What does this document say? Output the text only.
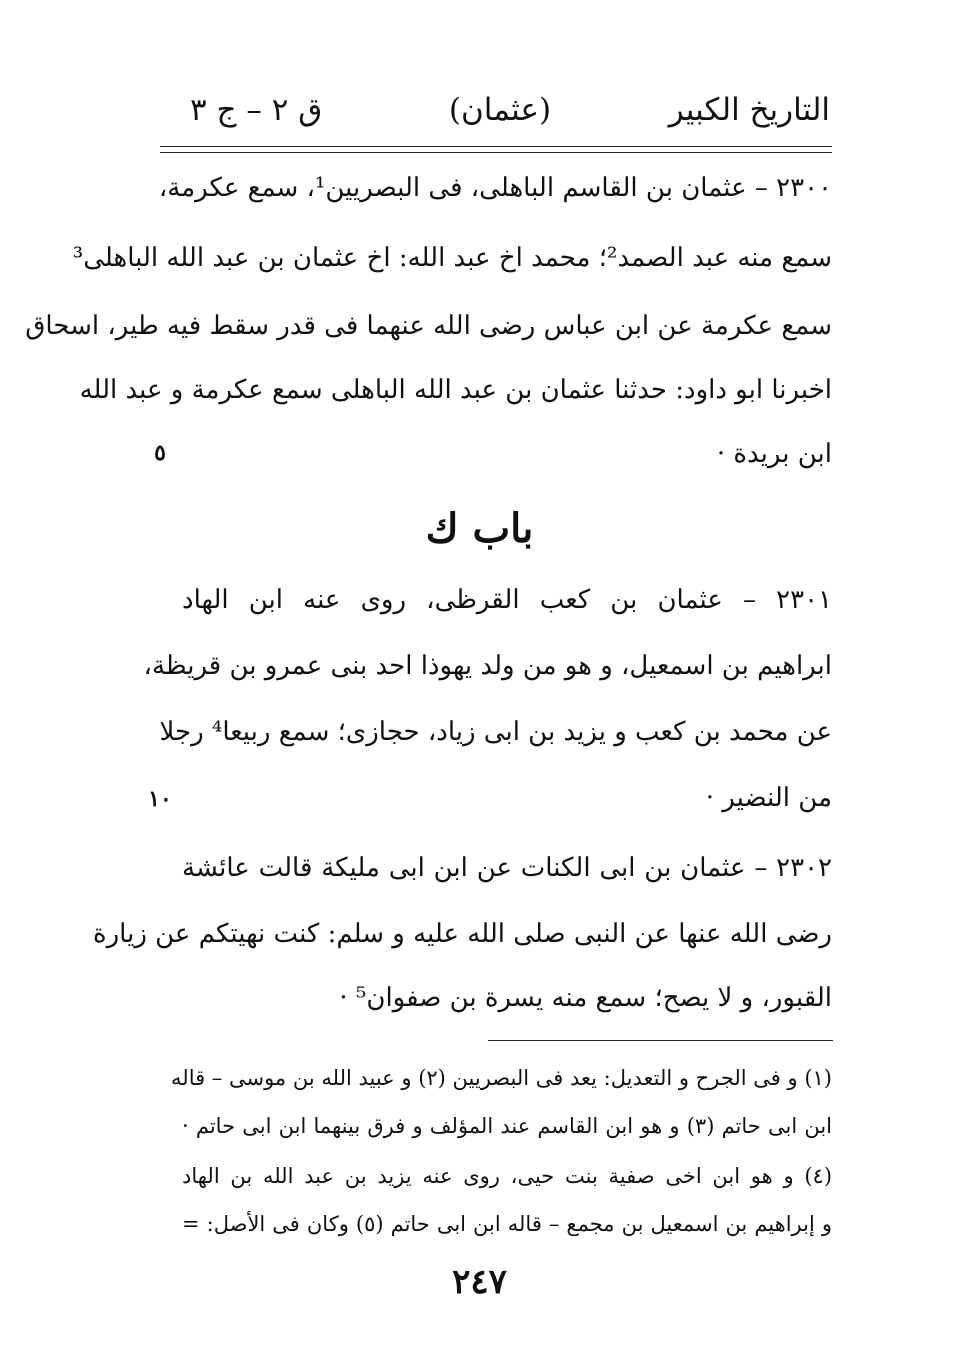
التاريخ الكبير
(عثمان)
ق ٢ – ج ٣
٢٣٠٠ – عثمان بن القاسم الباهلى، فى البصريين¹، سمع عكرمة،
سمع منه عبد الصمد²؛ محمد اخ عبد الله: اخ عثمان بن عبد الله الباهلى³
سمع عكرمة عن ابن عباس رضى الله عنهما فى قدر سقط فيه طير، اسحاق
اخبرنا ابو داود: حدثنا عثمان بن عبد الله الباهلى سمع عكرمة و عبد الله
ابن بريدة ·
٥
باب ك
٢٣٠١ – عثمان بن كعب القرظى، روى عنه ابن الهاد
ابراهيم بن اسمعيل، و هو من ولد يهوذا احد بنى عمرو بن قريظة،
عن محمد بن كعب و يزيد بن ابى زياد، حجازى؛ سمع ربيعا⁴ رجلا
من النضير ·
١٠
٢٣٠٢ – عثمان بن ابى الكنات عن ابن ابى مليكة قالت عائشة
رضى الله عنها عن النبى صلى الله عليه و سلم: كنت نهيتكم عن زيارة
القبور، و لا يصح؛ سمع منه يسرة بن صفوان⁵ ·
(١) و فى الجرح و التعديل: يعد فى البصريين (٢) و عبيد الله بن موسى – قاله
ابن ابى حاتم (٣) و هو ابن القاسم عند المؤلف و فرق بينهما ابن ابى حاتم ·
(٤) و هو ابن اخى صفية بنت حيى، روى عنه يزيد بن عبد الله بن الهاد
و إبراهيم بن اسمعيل بن مجمع – قاله ابن ابى حاتم (٥) وكان فى الأصل: =
٢٤٧
